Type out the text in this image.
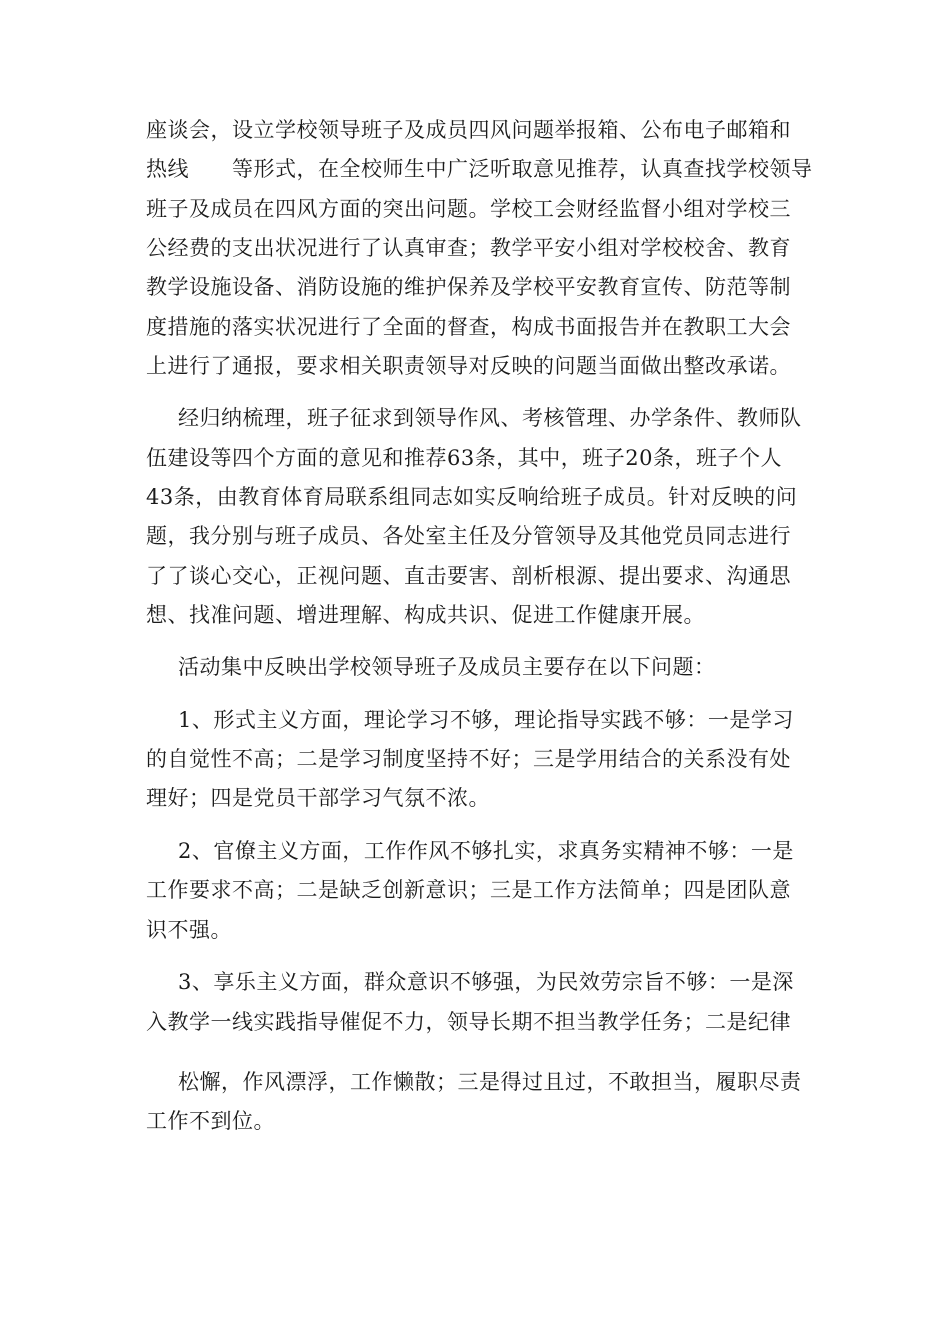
座谈会，设立学校领导班子及成员四风问题举报箱、公布电子邮箱和
热线　　等形式，在全校师生中广泛听取意见推荐，认真查找学校领导
班子及成员在四风方面的突出问题。学校工会财经监督小组对学校三
公经费的支出状况进行了认真审查；教学平安小组对学校校舍、教育
教学设施设备、消防设施的维护保养及学校平安教育宣传、防范等制
度措施的落实状况进行了全面的督查，构成书面报告并在教职工大会
上进行了通报，要求相关职责领导对反映的问题当面做出整改承诺。
经归纳梳理，班子征求到领导作风、考核管理、办学条件、教师队
伍建设等四个方面的意见和推荐63条，其中，班子20条，班子个人
43条，由教育体育局联系组同志如实反响给班子成员。针对反映的问
题，我分别与班子成员、各处室主任及分管领导及其他党员同志进行
了了谈心交心，正视问题、直击要害、剖析根源、提出要求、沟通思
想、找准问题、增进理解、构成共识、促进工作健康开展。
活动集中反映出学校领导班子及成员主要存在以下问题：
1、形式主义方面，理论学习不够，理论指导实践不够：一是学习
的自觉性不高；二是学习制度坚持不好；三是学用结合的关系没有处
理好；四是党员干部学习气氛不浓。
2、官僚主义方面，工作作风不够扎实，求真务实精神不够：一是
工作要求不高；二是缺乏创新意识；三是工作方法简单；四是团队意
识不强。
3、享乐主义方面，群众意识不够强，为民效劳宗旨不够：一是深
入教学一线实践指导催促不力，领导长期不担当教学任务；二是纪律
松懈，作风漂浮，工作懒散；三是得过且过，不敢担当，履职尽责
工作不到位。
